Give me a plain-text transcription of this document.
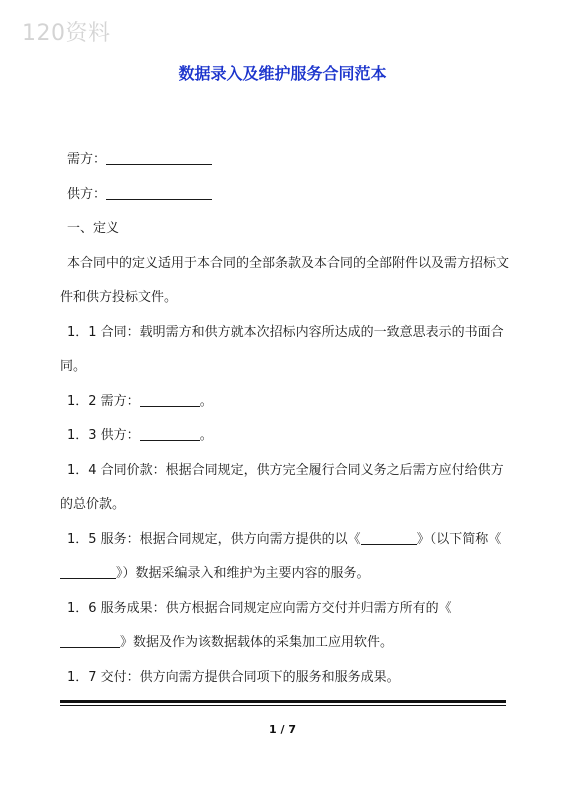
120资料
数据录入及维护服务合同范本

需方：

供方：

一、定义

本合同中的定义适用于本合同的全部条款及本合同的全部附件以及需方招标文件和供方投标文件。

1．1 合同：载明需方和供方就本次招标内容所达成的一致意思表示的书面合同。

1．2 需方：	。

1．3 供方：	。

1．4 合同价款：根据合同规定，供方完全履行合同义务之后需方应付给供方的总价款。

1．5 服务：根据合同规定，供方向需方提供的以《	》（以下简称《》）数据采编录入和维护为主要内容的服务。

1．6 服务成果：供方根据合同规定应向需方交付并归需方所有的《》数据及作为该数据载体的采集加工应用软件。

1．7 交付：供方向需方提供合同项下的服务和服务成果。

1 / 7
